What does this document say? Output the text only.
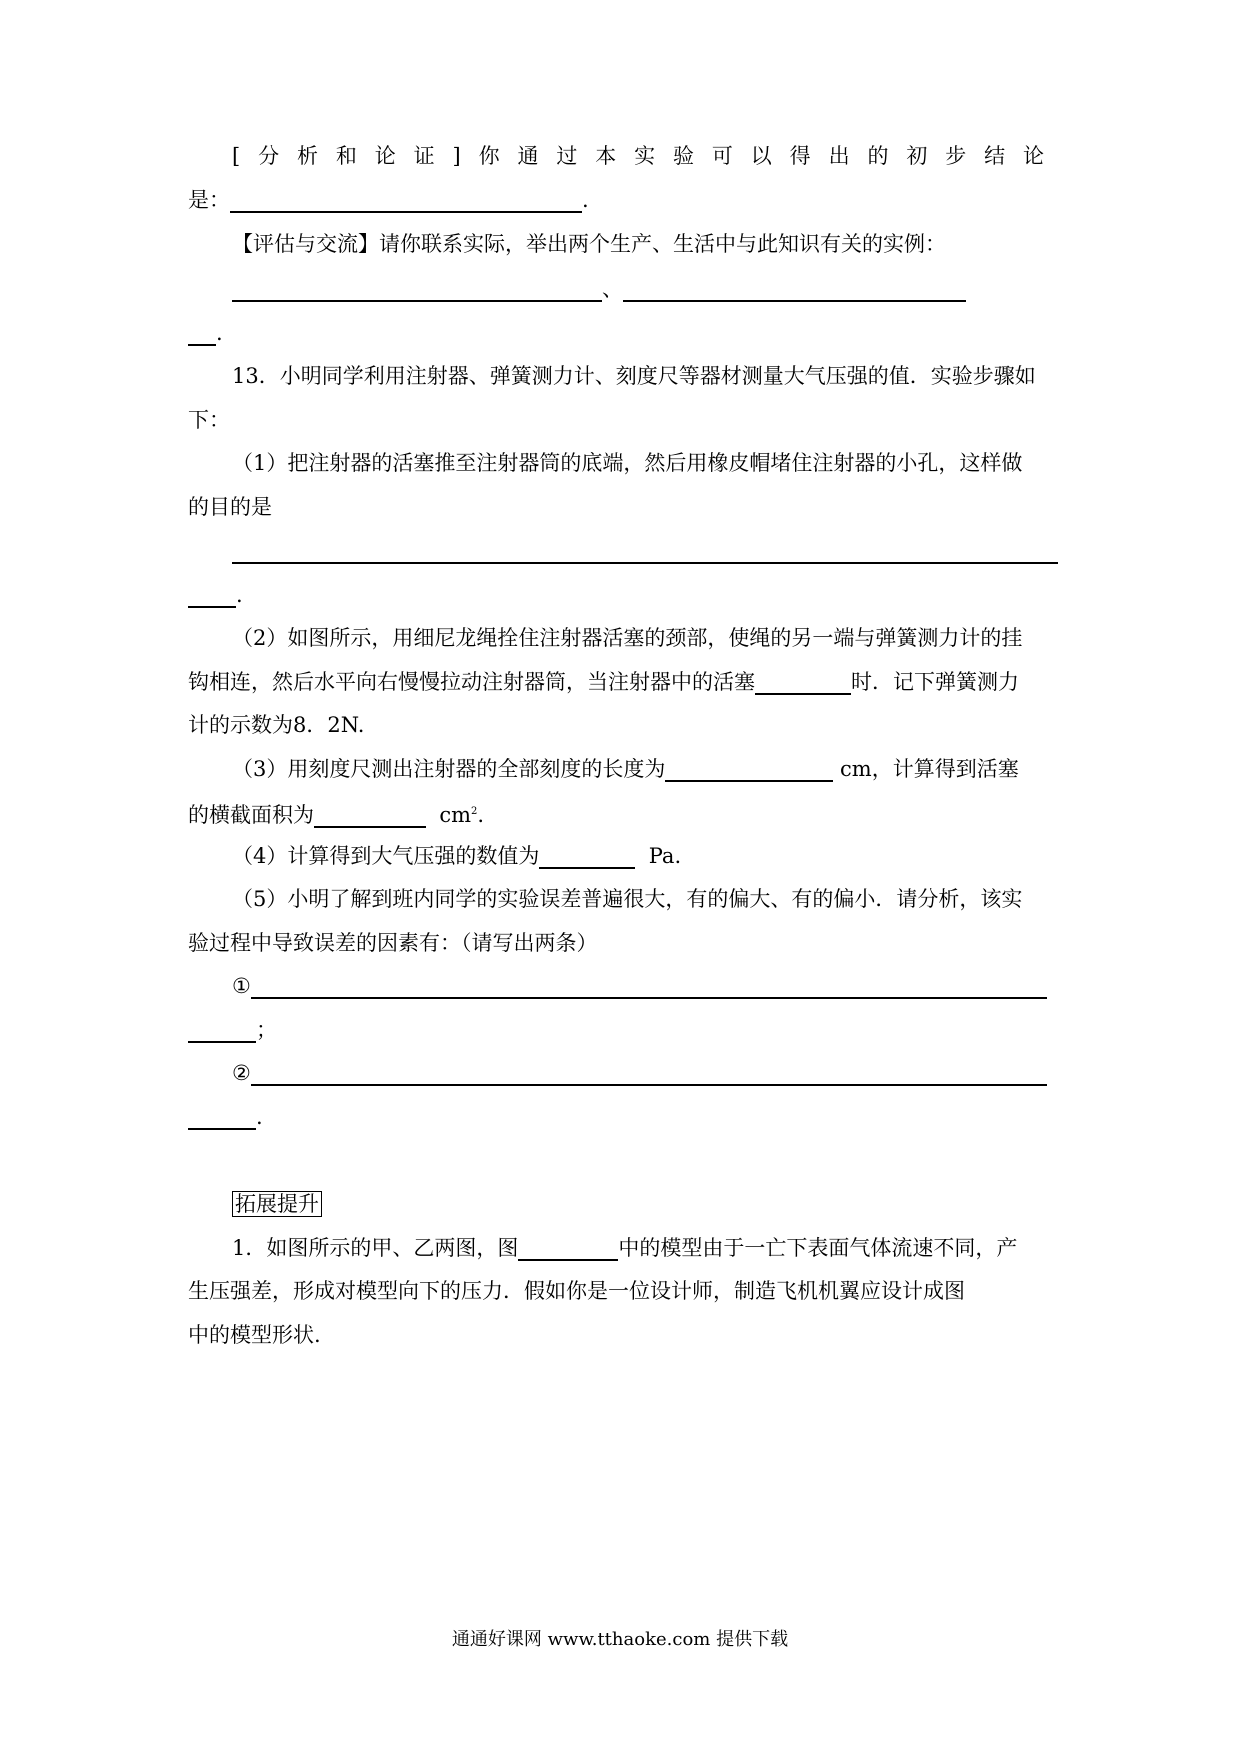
[分析和论证]你通过本实验可以得出的初步结论
是：	.
【评估与交流】请你联系实际，举出两个生产、生活中与此知识有关的实例：
、
.
13．小明同学利用注射器、弹簧测力计、刻度尺等器材测量大气压强的值．实验步骤如
下：
（1）把注射器的活塞推至注射器筒的底端，然后用橡皮帽堵住注射器的小孔，这样做
的目的是
.
（2）如图所示，用细尼龙绳拴住注射器活塞的颈部，使绳的另一端与弹簧测力计的挂
钩相连，然后水平向右慢慢拉动注射器筒，当注射器中的活塞	时．记下弹簧测力
计的示数为8．2N.
（3）用刻度尺测出注射器的全部刻度的长度为	cm，计算得到活塞
的横截面积为	$cm^2$.
（4）计算得到大气压强的数值为	Pa.
（5）小明了解到班内同学的实验误差普遍很大，有的偏大、有的偏小．请分析，该实
验过程中导致误差的因素有：（请写出两条）
①
；
②
.
拓展提升
1．如图所示的甲、乙两图，图	中的模型由于一亡下表面气体流速不同，产
生压强差，形成对模型向下的压力．假如你是一位设计师，制造飞机机翼应设计成图
中的模型形状.
通通好课网 www.tthaoke.com 提供下载
